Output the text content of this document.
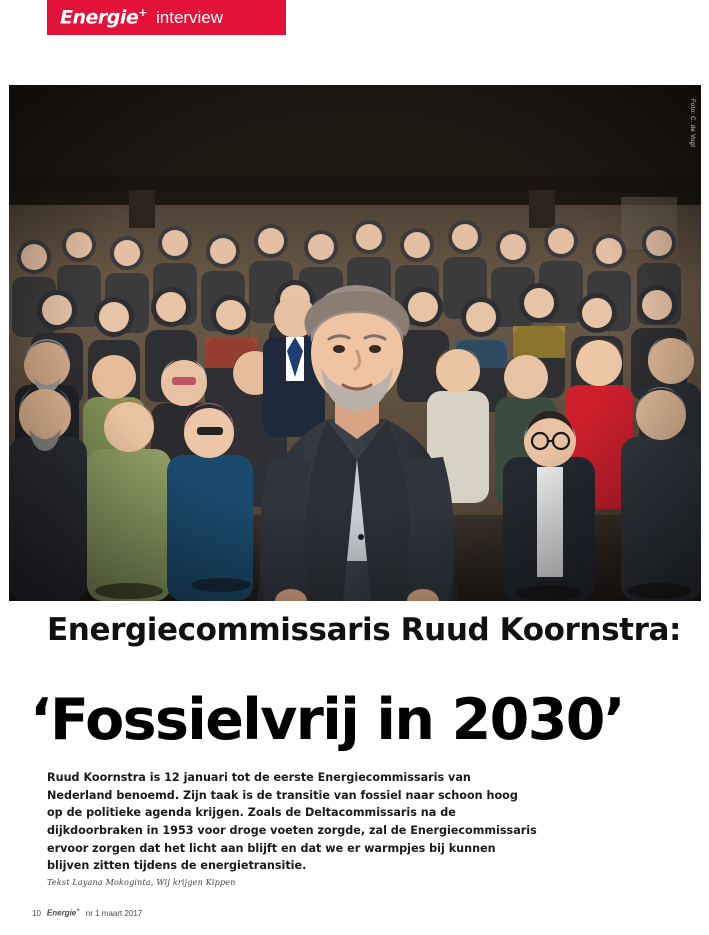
Energie+ interview
Foto: C. de Vogt
Energiecommissaris Ruud Koornstra:
‘Fossielvrij in 2030’

Ruud Koornstra is 12 januari tot de eerste Energiecommissaris van Nederland benoemd. Zijn taak is de transitie van fossiel naar schoon hoog op de politieke agenda krijgen. Zoals de Deltacommissaris na de dijkdoorbraken in 1953 voor droge voeten zorgde, zal de Energiecommissaris ervoor zorgen dat het licht aan blijft en dat we er warmpjes bij kunnen blijven zitten tijdens de energietransitie.

Tekst Layana Mokoginta, Wij krijgen Kippen
10 Energie+ nr 1 maart 2017
